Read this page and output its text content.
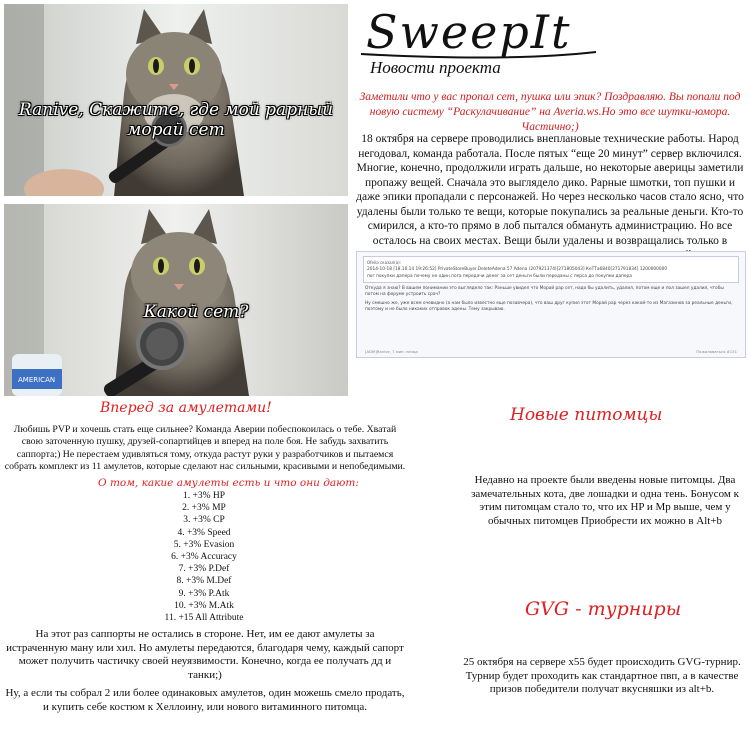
Ranive, Скажите, где мой рарный морай сет
AMERICAN
Какой сет?
SweepIt
Новости проекта
Заметили что у вас пропал сет, пушка или эпик? Поздравляю. Вы попали под новую систему “Раскулачивание” на Averia.ws.Но это все шутки-юмора. Частично;)
18 октября на сервере проводились внеплановые технические работы. Народ негодовал, команда работала. После пятых “еще 20 минут” сервер включился. Многие, конечно, продолжили играть дальше, но некоторые аверицы заметили пропажу вещей. Сначала это выглядело дико. Рарные шмотки, топ пушки и даже эпики пропадали с персонажей. Но через несколько часов стало ясно, что удалены были только те вещи, которые покупались за реальные деньги. Кто-то смирился, а кто-то прямо в лоб пытался обмануть администрацию. Но все осталось на своих местах. Вещи были удалены и возвращались только в
Ofelia сказал(а):
2014-10-18 [18.10.14 19:26:52] PrivateStoreBuyer.DeleteAdena 57 Adena (207921374)[271805043] КеТТа6840[271791834] 1200000000
пог покупки дапера почему не один пога передачи денег за сет деньги были переданы с перса до покупки дапера
Откуда я знаю? В вашем понимании это выглядело так: Раньше увидел что Морай рар сет, надо бы удалить, удалил, потом еще и пол зашел удалил, чтобы потом на форуме устроить срач?
Ну смешно же, уже всем очевидно (а нам было известно еще позавчера), что ваш друг купил этот Морай рар через какой-то из Магазинов за реальные деньги, поэтому и не было никаких отправок адены. Тему закрываю.
[ADM]Ranive, 7 мин. назад	Пожаловаться #131
Вперед за амулетами!
Любишь PVP и хочешь стать еще сильнее? Команда Аверии побеспокоилась о тебе. Хватай свою заточенную пушку, друзей-сопартийцев и вперед на поле боя. Не забудь захватить саппорта;) Не перестаем удивляться тому, откуда растут руки у разработчиков и пытаемся собрать комплект из 11 амулетов, которые сделают нас сильными, красивыми и непобедимыми.
О том, какие амулеты есть и что они дают:
1. +3% HP
2. +3% MP
3. +3% CP
4. +3% Speed
5. +3% Evasion
6. +3% Accuracy
7. +3% P.Def
8. +3% M.Def
9. +3% P.Atk
10. +3% M.Atk
11. +15 All Attribute
На этот раз саппорты не остались в стороне. Нет, им ее дают амулеты за истраченную ману или хил. Но амулеты передаются, благодаря чему, каждый сапорт может получить частичку своей неуязвимости. Конечно, когда ее получать дд и танки;)
Ну, а если ты собрал 2 или более одинаковых амулетов, один можешь смело продать, и купить себе костюм к Хеллоину, или нового витаминного питомца.
Новые питомцы
Недавно на проекте были введены новые питомцы. Два замечательных кота, две лошадки и одна тень. Бонусом к этим питомцам стало то, что их HP и Mp выше, чем у обычных питомцев Приобрести их можно в Alt+b
GVG - турниры
25 октября на сервере x55 будет происходить GVG-турнир. Турнир будет проходить как стандартное пвп, а в качестве призов победители получат вкусняшки из alt+b.
